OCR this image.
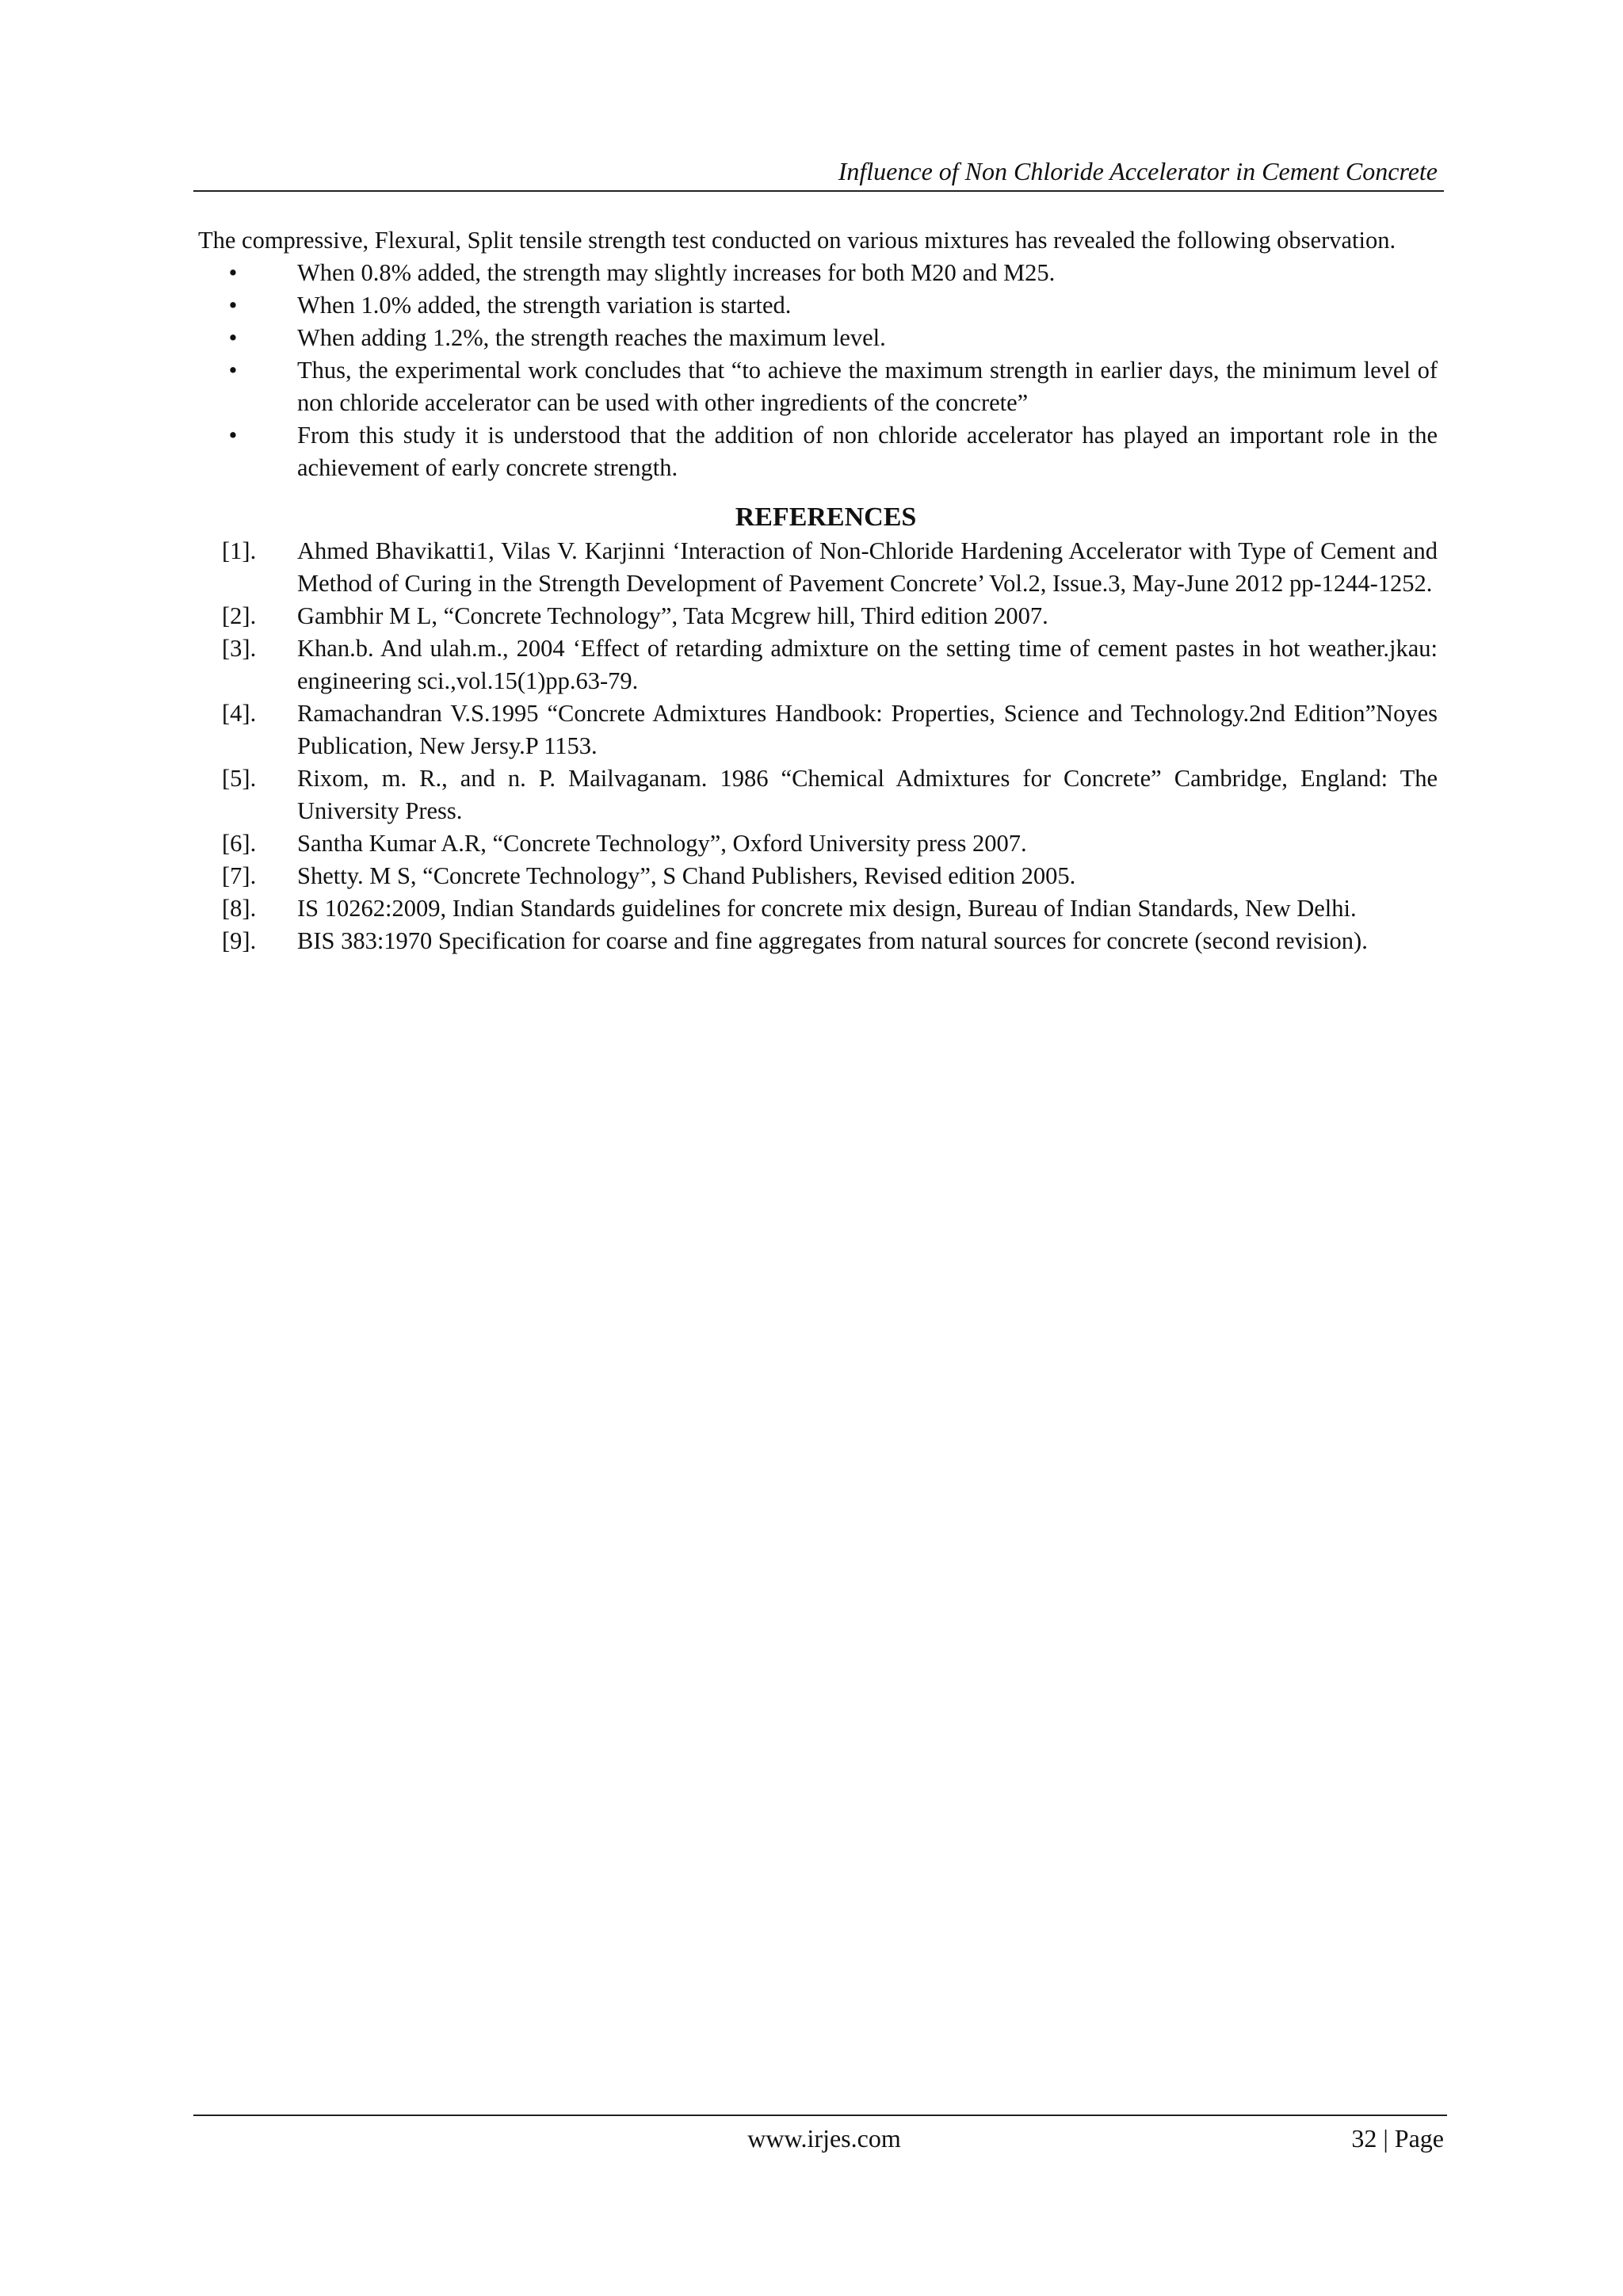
Influence of Non Chloride Accelerator in Cement Concrete

The compressive, Flexural, Split tensile strength test conducted on various mixtures has revealed the following observation.

• When 0.8% added, the strength may slightly increases for both M20 and M25.
• When 1.0% added, the strength variation is started.
• When adding 1.2%, the strength reaches the maximum level.
• Thus, the experimental work concludes that “to achieve the maximum strength in earlier days, the minimum level of non chloride accelerator can be used with other ingredients of the concrete”
• From this study it is understood that the addition of non chloride accelerator has played an important role in the achievement of early concrete strength.
REFERENCES
[1]. Ahmed Bhavikatti1, Vilas V. Karjinni ‘Interaction of Non-Chloride Hardening Accelerator with Type of Cement and Method of Curing in the Strength Development of Pavement Concrete’ Vol.2, Issue.3, May-June 2012 pp-1244-1252.
[2]. Gambhir M L, “Concrete Technology”, Tata Mcgrew hill, Third edition 2007.
[3]. Khan.b. And ulah.m., 2004 ‘Effect of retarding admixture on the setting time of cement pastes in hot weather.jkau: engineering sci.,vol.15(1)pp.63-79.
[4]. Ramachandran V.S.1995 “Concrete Admixtures Handbook: Properties, Science and Technology.2nd Edition”Noyes Publication, New Jersy.P 1153.
[5]. Rixom, m. R., and n. P. Mailvaganam. 1986 “Chemical Admixtures for Concrete” Cambridge, England: The University Press.
[6]. Santha Kumar A.R, “Concrete Technology”, Oxford University press 2007.
[7]. Shetty. M S, “Concrete Technology”, S Chand Publishers, Revised edition 2005.
[8]. IS 10262:2009, Indian Standards guidelines for concrete mix design, Bureau of Indian Standards, New Delhi.
[9]. BIS 383:1970 Specification for coarse and fine aggregates from natural sources for concrete (second revision).
www.irjes.com	32 | Page
